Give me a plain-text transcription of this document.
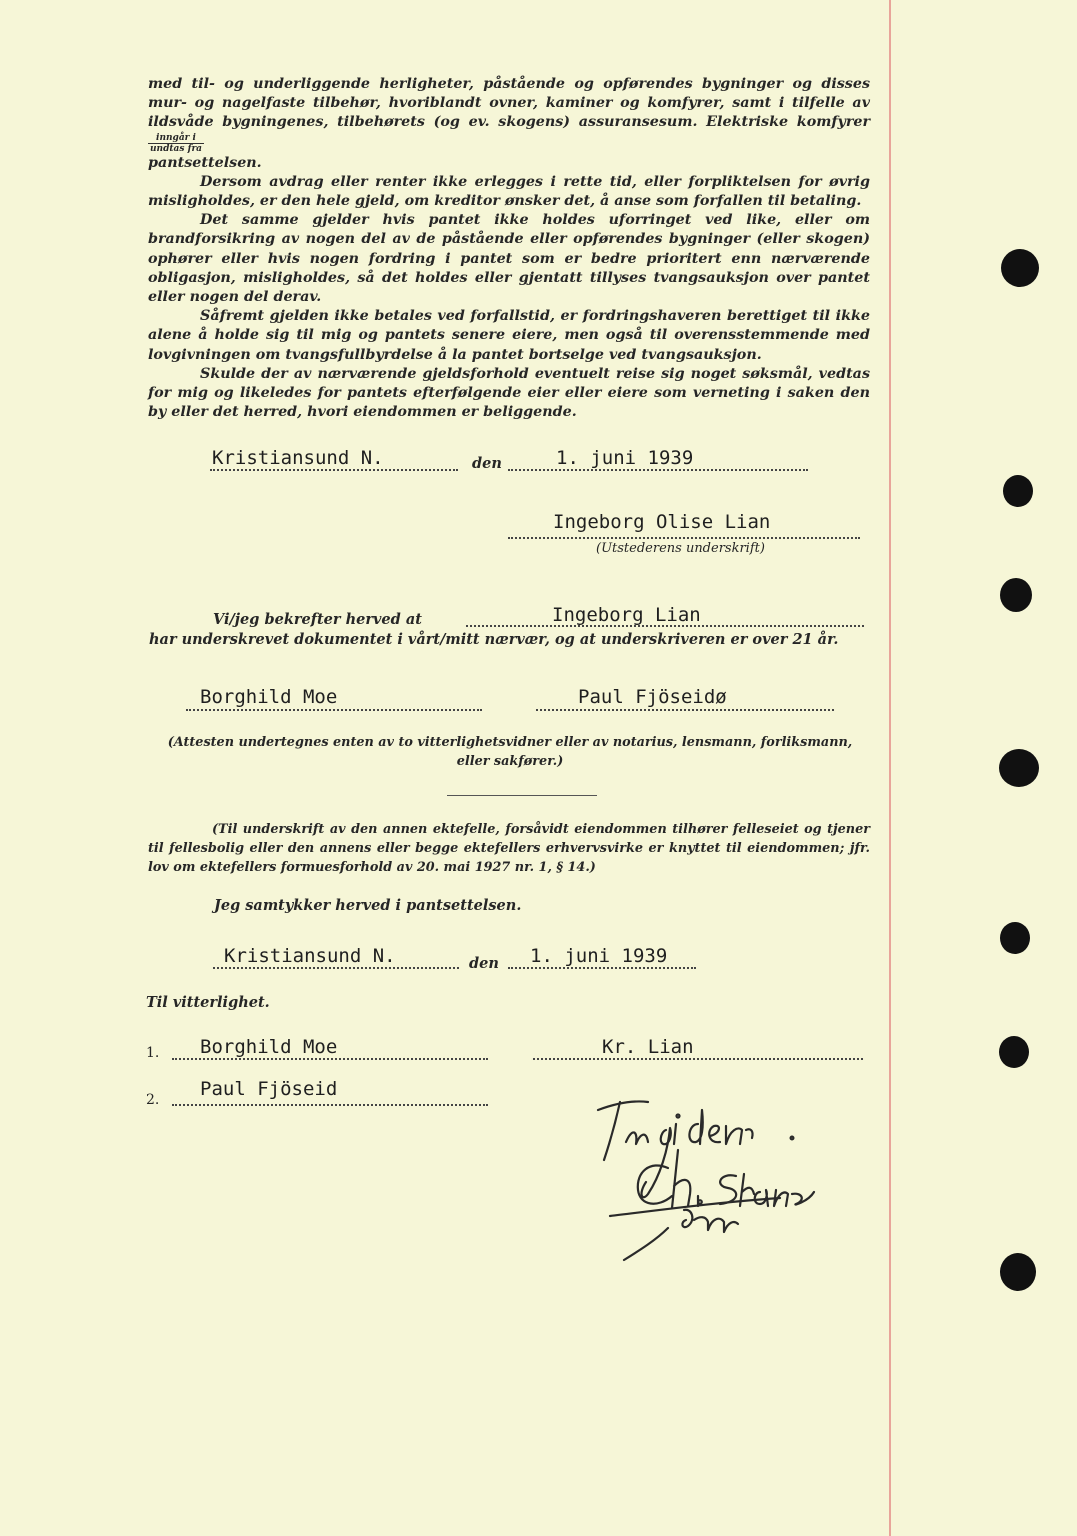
med til- og underliggende herligheter, påstående og opførendes bygninger og disses mur- og nagelfaste tilbehør, hvoriblandt ovner, kaminer og komfyrer, samt i tilfelle av ildsvåde bygningenes, tilbehørets (og ev. skogens) assuransesum. Elektriske komfyrer
$\frac{\text{inngår i}}{\text{undtas fra}}$

pantsettelsen.

Dersom avdrag eller renter ikke erlegges i rette tid, eller forpliktelsen for øvrig misligholdes, er den hele gjeld, om kreditor ønsker det, å anse som forfallen til betaling.

Det samme gjelder hvis pantet ikke holdes uforringet ved like, eller om brandforsikring av nogen del av de påstående eller opførendes bygninger (eller skogen) ophører eller hvis nogen fordring i pantet som er bedre prioritert enn nærværende obligasjon, misligholdes, så det holdes eller gjentatt tillyses tvangsauksjon over pantet eller nogen del derav.

Såfremt gjelden ikke betales ved forfallstid, er fordringshaveren berettiget til ikke alene å holde sig til mig og pantets senere eiere, men også til overensstemmende med lovgivningen om tvangsfullbyrdelse å la pantet bortselge ved tvangsauksjon.

Skulde der av nærværende gjeldsforhold eventuelt reise sig noget søksmål, vedtas for mig og likeledes for pantets efterfølgende eier eller eiere som verneting i saken den by eller det herred, hvori eiendommen er beliggende.

Kristiansund N.	den	1. juni 1939
Ingeborg Olise Lian
(Utstederens underskrift)
Vi/jeg bekrefter herved at	Ingeborg Lian
har underskrevet dokumentet i vårt/mitt nærvær, og at underskriveren er over 21 år.
Borghild Moe	Paul Fjöseidø
(Attesten undertegnes enten av to vitterlighetsvidner eller av notarius, lensmann, forliksmann, eller sakfører.)
(Til underskrift av den annen ektefelle, forsåvidt eiendommen tilhører felleseiet og tjener til fellesbolig eller den annens eller begge ektefellers erhvervsvirke er knyttet til eiendommen; jfr. lov om ektefellers formuesforhold av 20. mai 1927 nr. 1, § 14.)
Jeg samtykker herved i pantsettelsen.
Kristiansund N.	den 1. juni 1939
Til vitterlighet.
1. Borghild Moe	Kr. Lian
2. Paul Fjöseid
